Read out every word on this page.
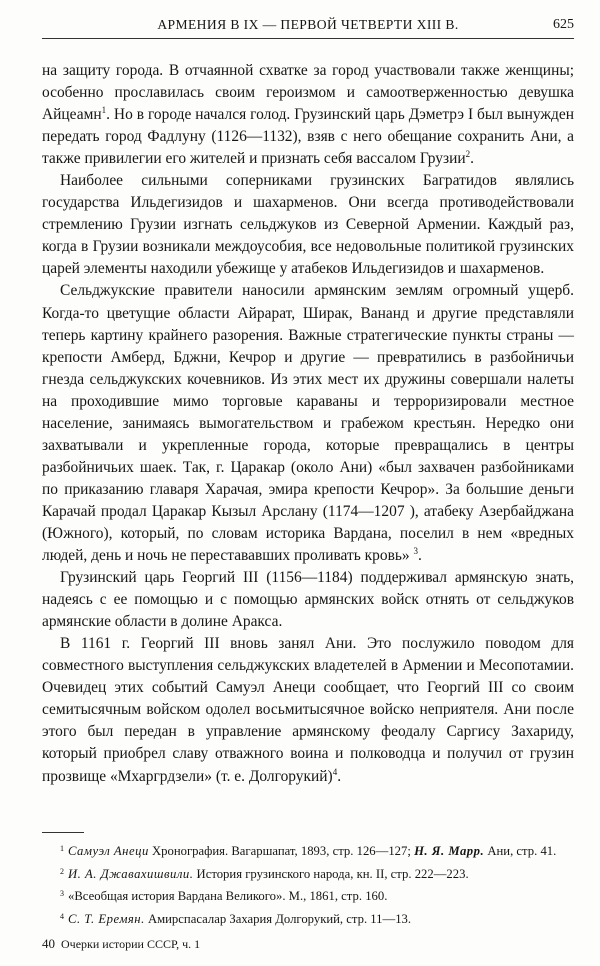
АРМЕНИЯ В IX — ПЕРВОЙ ЧЕТВЕРТИ XIII В.	625

на защиту города. В отчаянной схватке за город участвовали также женщины; особенно прославилась своим героизмом и самоотверженностью девушка Айцеамн$^1$. Но в городе начался голод. Грузинский царь Дэметрэ I был вынужден передать город Фадлуну (1126—1132), взяв с него обещание сохранить Ани, а также привилегии его жителей и признать себя вассалом Грузии$^2$.

Наиболее сильными соперниками грузинских Багратидов являлись государства Ильдегизидов и шахарменов. Они всегда противодействовали стремлению Грузии изгнать сельджуков из Северной Армении. Каждый раз, когда в Грузии возникали междоусобия, все недовольные политикой грузинских царей элементы находили убежище у атабеков Ильдегизидов и шахарменов.

Сельджукские правители наносили армянским землям огромный ущерб. Когда-то цветущие области Айрарат, Ширак, Вананд и другие представляли теперь картину крайнего разорения. Важные стратегические пункты страны — крепости Амберд, Бджни, Кечрор и другие — превратились в разбойничьи гнезда сельджукских кочевников. Из этих мест их дружины совершали налеты на проходившие мимо торговые караваны и терроризировали местное население, занимаясь вымогательством и грабежом крестьян. Нередко они захватывали и укрепленные города, которые превращались в центры разбойничьих шаек. Так, г. Царакар (около Ани) «был захвачен разбойниками по приказанию главаря Харачая, эмира крепости Кечрор». За большие деньги Карачай продал Царакар Кызыл Арслану (1174—1207 ), атабеку Азербайджана (Южного), который, по словам историка Вардана, поселил в нем «вредных людей, день и ночь не перестававших проливать кровь» $^3$.

Грузинский царь Георгий III (1156—1184) поддерживал армянскую знать, надеясь с ее помощью и с помощью армянских войск отнять от сельджуков армянские области в долине Аракса.

В 1161 г. Георгий III вновь занял Ани. Это послужило поводом для совместного выступления сельджукских владетелей в Армении и Месопотамии. Очевидец этих событий Самуэл Анеци сообщает, что Георгий III со своим семитысячным войском одолел восьмитысячное войско неприятеля. Ани после этого был передан в управление армянскому феодалу Саргису Захариду, который приобрел славу отважного воина и полководца и получил от грузин прозвище «Мхаргрдзели» (т. е. Долгорукий)$^4$.

$^1$ Самуэл Анеци Хронография. Вагаршапат, 1893, стр. 126—127; Н. Я. Марр. Ани, стр. 41.

$^2$ И. А. Джавахишвили. История грузинского народа, кн. II, стр. 222—223.

$^3$ «Всеобщая история Вардана Великого». М., 1861, стр. 160.

$^4$ С. Т. Еремян. Амирспасалар Захария Долгорукий, стр. 11—13.

40 Очерки истории СССР, ч. 1
